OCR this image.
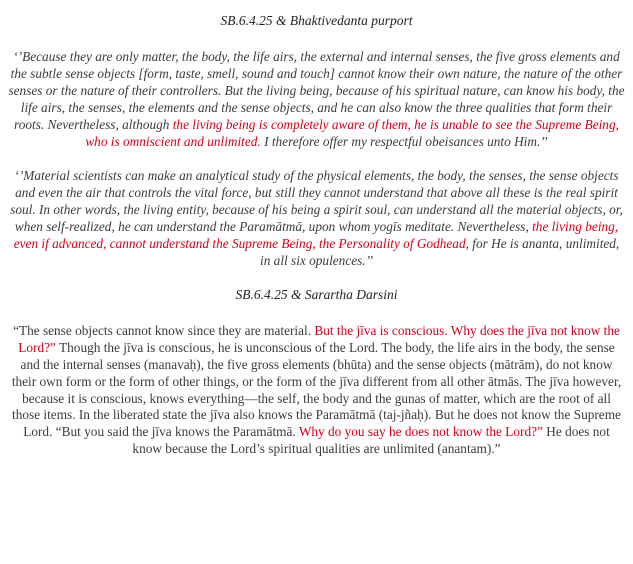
SB.6.4.25 & Bhaktivedanta purport

‘’Because they are only matter, the body, the life airs, the external and internal senses, the five gross elements and the subtle sense objects [form, taste, smell, sound and touch] cannot know their own nature, the nature of the other senses or the nature of their controllers. But the living being, because of his spiritual nature, can know his body, the life airs, the senses, the elements and the sense objects, and he can also know the three qualities that form their roots. Nevertheless, although the living being is completely aware of them, he is unable to see the Supreme Being, who is omniscient and unlimited. I therefore offer my respectful obeisances unto Him.’’

‘’Material scientists can make an analytical study of the physical elements, the body, the senses, the sense objects and even the air that controls the vital force, but still they cannot understand that above all these is the real spirit soul. In other words, the living entity, because of his being a spirit soul, can understand all the material objects, or, when self-realized, he can understand the Paramātmā, upon whom yogīs meditate. Nevertheless, the living being, even if advanced, cannot understand the Supreme Being, the Personality of Godhead, for He is ananta, unlimited, in all six opulences.’’

SB.6.4.25 & Sarartha Darsini

“The sense objects cannot know since they are material. But the jīva is conscious. Why does the jīva not know the Lord?” Though the jīva is conscious, he is unconscious of the Lord. The body, the life airs in the body, the sense and the internal senses (manavaḥ), the five gross elements (bhūta) and the sense objects (mātrām), do not know their own form or the form of other things, or the form of the jīva different from all other ātmās. The jīva however, because it is conscious, knows everything—the self, the body and the gunas of matter, which are the root of all those items. In the liberated state the jīva also knows the Paramātmā (taj-jñaḥ). But he does not know the Supreme Lord. “But you said the jīva knows the Paramātmā. Why do you say he does not know the Lord?” He does not know because the Lord’s spiritual qualities are unlimited (anantam).”
